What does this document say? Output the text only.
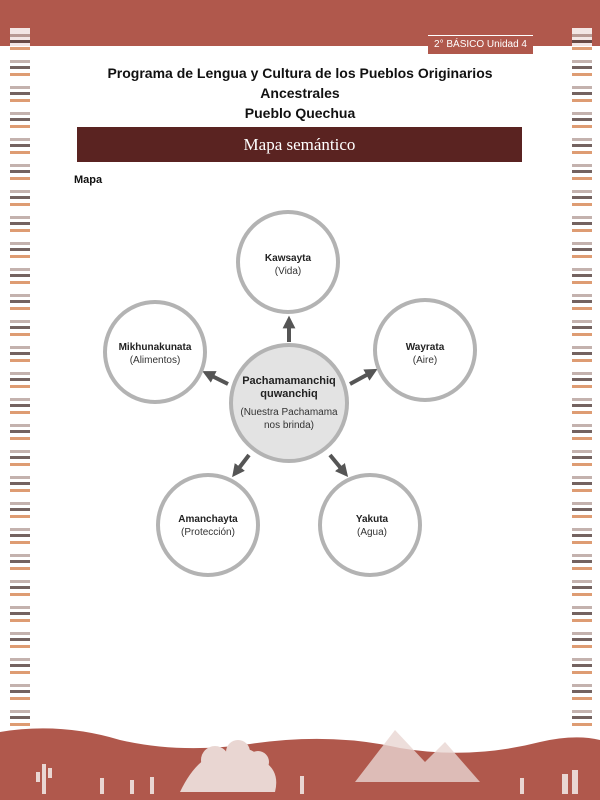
2° BÁSICO Unidad 4
Programa de Lengua y Cultura de los Pueblos Originarios Ancestrales
Pueblo Quechua
Mapa semántico
Mapa
Kawsayta
(Vida)
Wayrata
(Aire)
Yakuta
(Agua)
Amanchayta
(Protección)
Mikhunakunata
(Alimentos)
Pachamamanchiq
quwanchiq
(Nuestra Pachamama
nos brinda)
